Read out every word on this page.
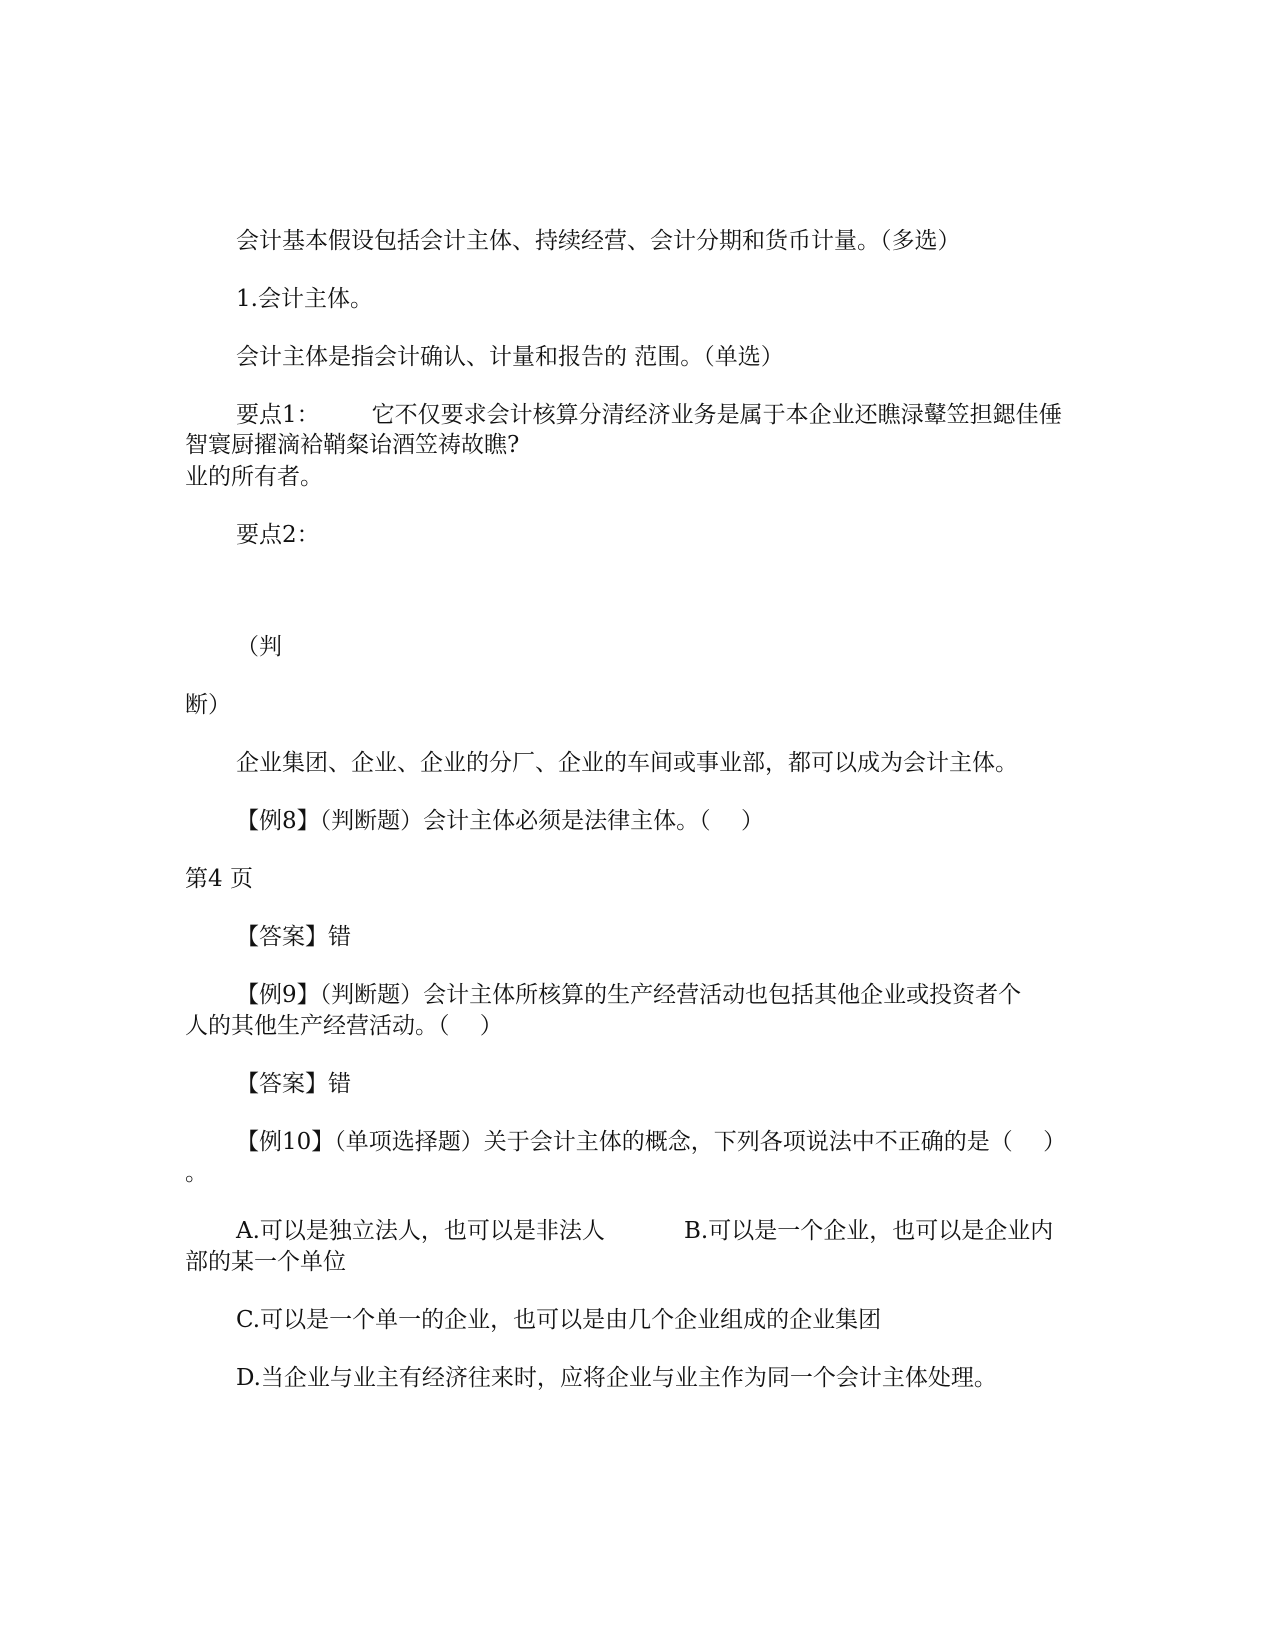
会计基本假设包括会计主体、持续经营、会计分期和货币计量。（多选）

1.会计主体。

会计主体是指会计确认、计量和报告的 范围。（单选）

要点1： 它不仅要求会计核算分清经济业务是属于本企业还瞧渌鼙笠担鍶佳倕

智寰厨擢滴袷鞘粲诒酒笠祷故瞧?

业的所有者。

要点2：

（判

断）

企业集团、企业、企业的分厂、企业的车间或事业部，都可以成为会计主体。

【例8】（判断题）会计主体必须是法律主体。（　 ）

第4 页

【答案】错

【例9】（判断题）会计主体所核算的生产经营活动也包括其他企业或投资者个

人的其他生产经营活动。（　 ）

【答案】错

【例10】（单项选择题）关于会计主体的概念，下列各项说法中不正确的是（　 ）

。

A.可以是独立法人，也可以是非法人	B.可以是一个企业，也可以是企业内

部的某一个单位

C.可以是一个单一的企业，也可以是由几个企业组成的企业集团

D.当企业与业主有经济往来时，应将企业与业主作为同一个会计主体处理。
